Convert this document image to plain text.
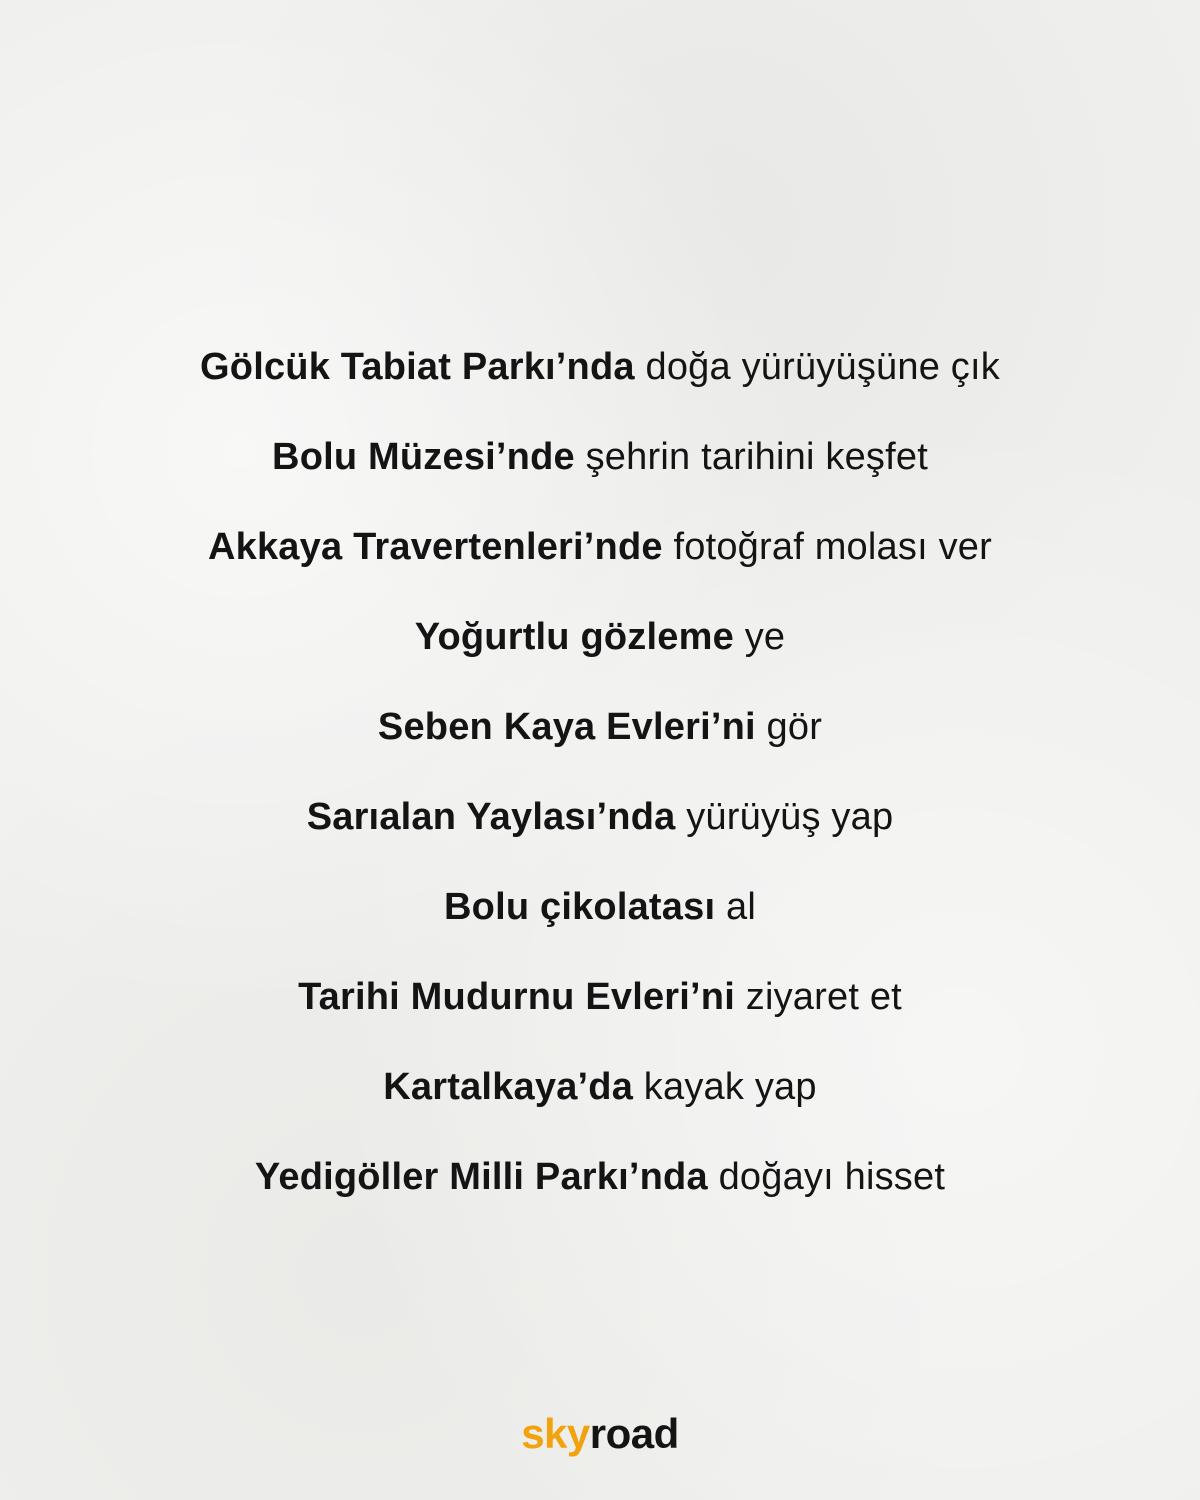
Gölcük Tabiat Parkı’nda doğa yürüyüşüne çık
Bolu Müzesi’nde şehrin tarihini keşfet
Akkaya Travertenleri’nde fotoğraf molası ver
Yoğurtlu gözleme ye
Seben Kaya Evleri’ni gör
Sarıalan Yaylası’nda yürüyüş yap
Bolu çikolatası al
Tarihi Mudurnu Evleri’ni ziyaret et
Kartalkaya’da kayak yap
Yedigöller Milli Parkı’nda doğayı hisset
skyroad
